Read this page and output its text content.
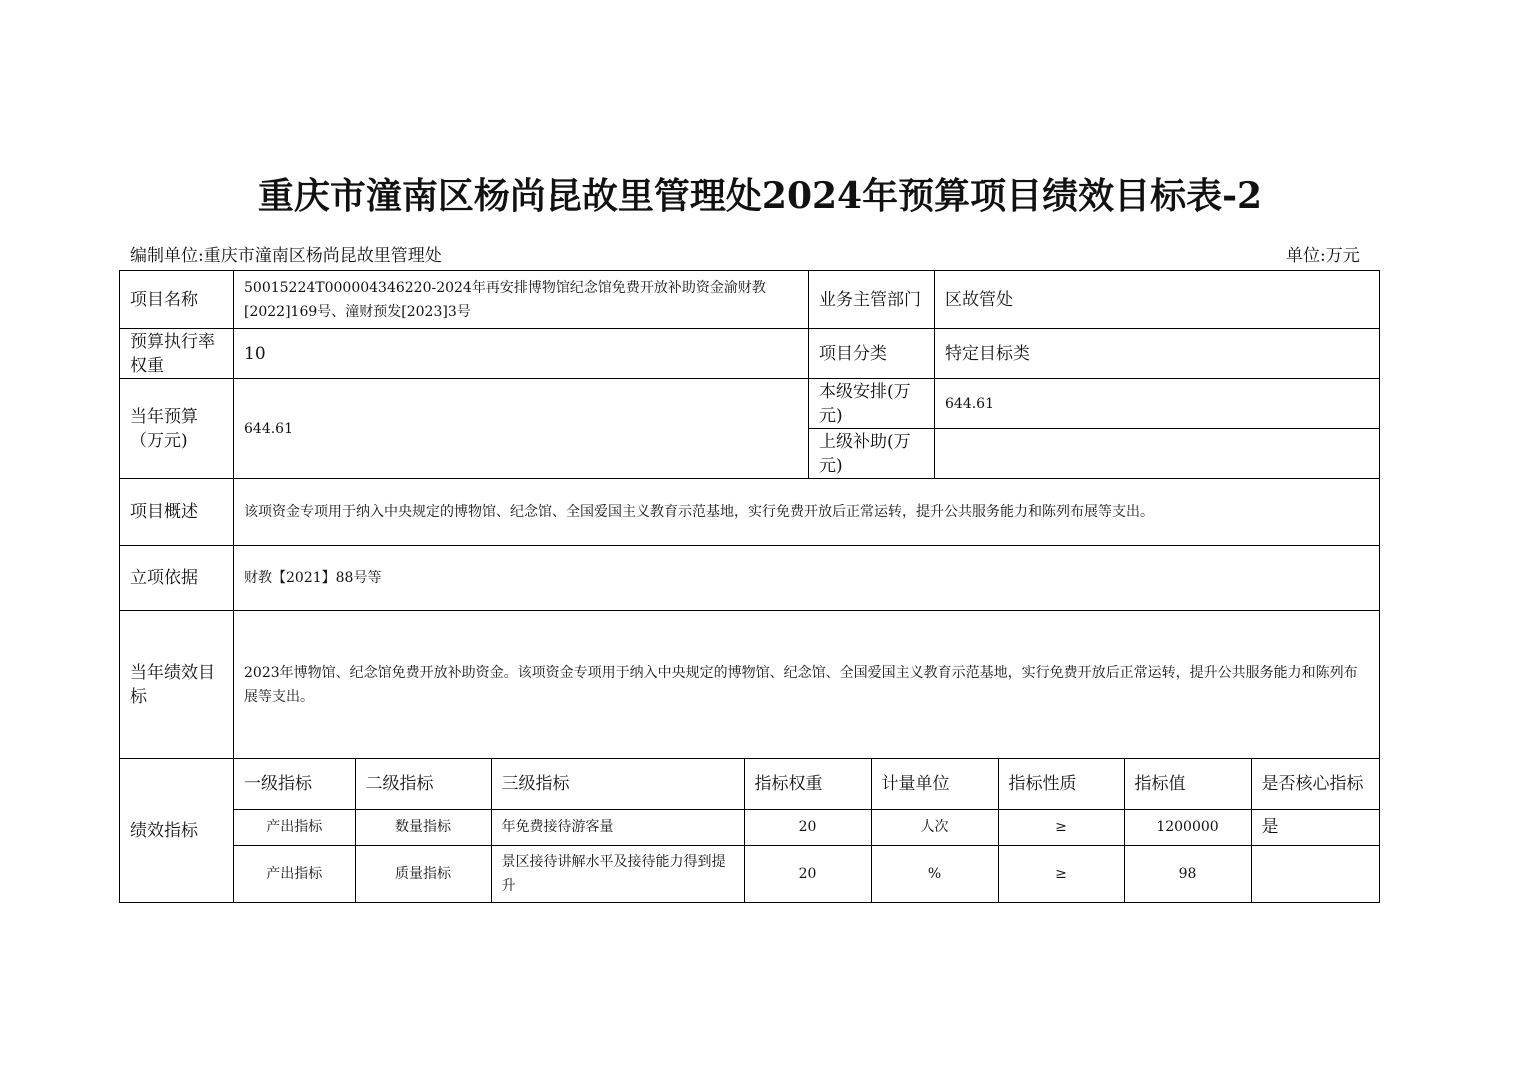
重庆市潼南区杨尚昆故里管理处2024年预算项目绩效目标表-2
编制单位:重庆市潼南区杨尚昆故里管理处	单位:万元
项目名称	50015224T000004346220-2024年再安排博物馆纪念馆免费开放补助资金渝财教[2022]169号、潼财预发[2023]3号	业务主管部门	区故管处
预算执行率权重	10	项目分类	特定目标类
当年预算（万元)	644.61	本级安排(万元)	644.61
上级补助(万元)	
项目概述	该项资金专项用于纳入中央规定的博物馆、纪念馆、全国爱国主义教育示范基地，实行免费开放后正常运转，提升公共服务能力和陈列布展等支出。
立项依据	财教【2021】88号等
当年绩效目标	2023年博物馆、纪念馆免费开放补助资金。该项资金专项用于纳入中央规定的博物馆、纪念馆、全国爱国主义教育示范基地，实行免费开放后正常运转，提升公共服务能力和陈列布展等支出。
绩效指标	
一级指标	二级指标	三级指标	指标权重	计量单位	指标性质	指标值	是否核心指标
产出指标	数量指标	年免费接待游客量	20	人次	≥	1200000	是
产出指标	质量指标	景区接待讲解水平及接待能力得到提升	20	%	≥	98	
